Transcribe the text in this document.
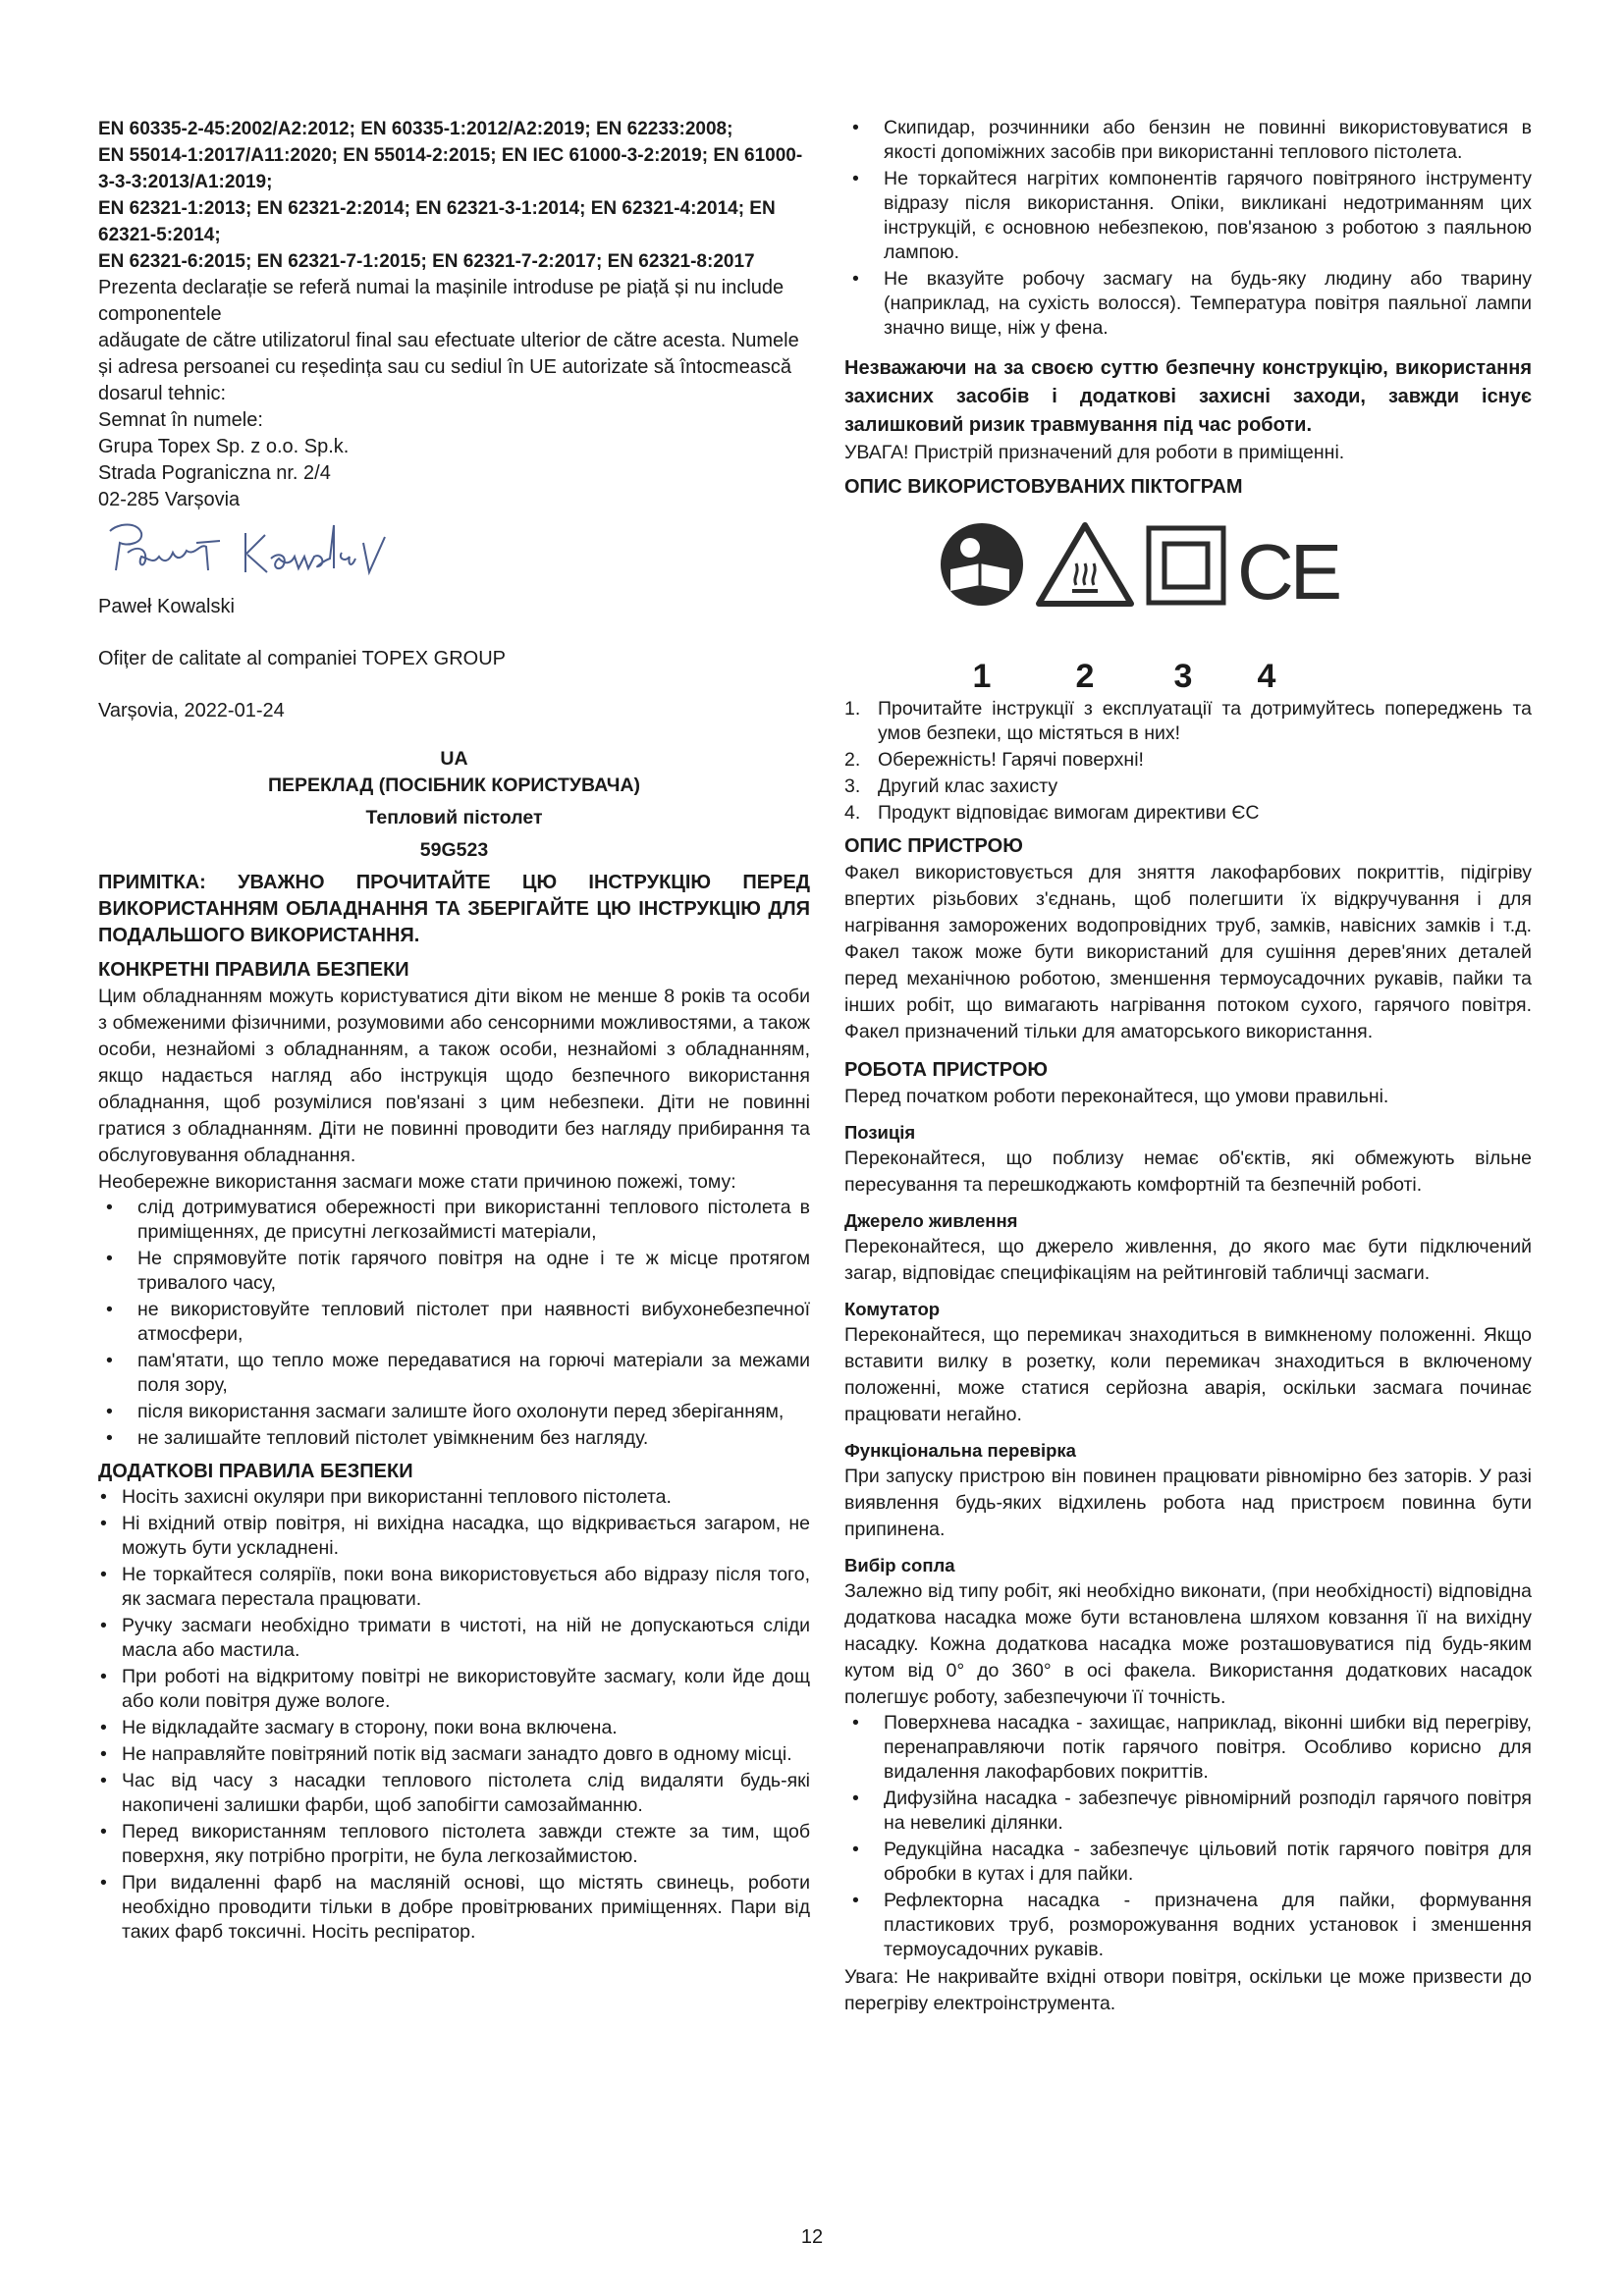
EN 60335-2-45:2002/A2:2012; EN 60335-1:2012/A2:2019; EN 62233:2008;

EN 55014-1:2017/A11:2020; EN 55014-2:2015; EN IEC 61000-3-2:2019; EN 61000-3-3-3:2013/A1:2019;

EN 62321-1:2013; EN 62321-2:2014; EN 62321-3-1:2014; EN 62321-4:2014; EN 62321-5:2014;

EN 62321-6:2015; EN 62321-7-1:2015; EN 62321-7-2:2017; EN 62321-8:2017

Prezenta declarație se referă numai la mașinile introduse pe piață și nu include componentele

adăugate de către utilizatorul final sau efectuate ulterior de către acesta. Numele și adresa persoanei cu reședința sau cu sediul în UE autorizate să întocmească dosarul tehnic:

Semnat în numele:

Grupa Topex Sp. z o.o. Sp.k.

Strada Pograniczna nr. 2/4

02-285 Varșovia

Paweł Kowalski

Ofițer de calitate al companiei TOPEX GROUP

Varșovia, 2022-01-24

UA

ПЕРЕКЛАД (ПОСІБНИК КОРИСТУВАЧА)

Тепловий пістолет

59G523

ПРИМІТКА: УВАЖНО ПРОЧИТАЙТЕ ЦЮ ІНСТРУКЦІЮ ПЕРЕД ВИКОРИСТАННЯМ ОБЛАДНАННЯ ТА ЗБЕРІГАЙТЕ ЦЮ ІНСТРУКЦІЮ ДЛЯ ПОДАЛЬШОГО ВИКОРИСТАННЯ.

КОНКРЕТНІ ПРАВИЛА БЕЗПЕКИ

Цим обладнанням можуть користуватися діти віком не менше 8 років та особи з обмеженими фізичними, розумовими або сенсорними можливостями, а також особи, незнайомі з обладнанням, а також особи, незнайомі з обладнанням, якщо надається нагляд або інструкція щодо безпечного використання обладнання, щоб розумілися пов'язані з цим небезпеки. Діти не повинні гратися з обладнанням. Діти не повинні проводити без нагляду прибирання та обслуговування обладнання.

Необережне використання засмаги може стати причиною пожежі, тому:

• слід дотримуватися обережності при використанні теплового пістолета в приміщеннях, де присутні легкозаймисті матеріали,
• Не спрямовуйте потік гарячого повітря на одне і те ж місце протягом тривалого часу,
• не використовуйте тепловий пістолет при наявності вибухонебезпечної атмосфери,
• пам'ятати, що тепло може передаватися на горючі матеріали за межами поля зору,
• після використання засмаги залиште його охолонути перед зберіганням,
• не залишайте тепловий пістолет увімкненим без нагляду.

ДОДАТКОВІ ПРАВИЛА БЕЗПЕКИ

• Носіть захисні окуляри при використанні теплового пістолета.
• Ні вхідний отвір повітря, ні вихідна насадка, що відкривається загаром, не можуть бути ускладнені.
• Не торкайтеся соляріїв, поки вона використовується або відразу після того, як засмага перестала працювати.
• Ручку засмаги необхідно тримати в чистоті, на ній не допускаються сліди масла або мастила.
• При роботі на відкритому повітрі не використовуйте засмагу, коли йде дощ або коли повітря дуже вологе.
• Не відкладайте засмагу в сторону, поки вона включена.
• Не направляйте повітряний потік від засмаги занадто довго в одному місці.
• Час від часу з насадки теплового пістолета слід видаляти будь-які накопичені залишки фарби, щоб запобігти самозайманню.
• Перед використанням теплового пістолета завжди стежте за тим, щоб поверхня, яку потрібно прогріти, не була легкозаймистою.
• При видаленні фарб на масляній основі, що містять свинець, роботи необхідно проводити тільки в добре провітрюваних приміщеннях. Пари від таких фарб токсичні. Носіть респіратор.
• Скипидар, розчинники або бензин не повинні використовуватися в якості допоміжних засобів при використанні теплового пістолета.
• Не торкайтеся нагрітих компонентів гарячого повітряного інструменту відразу після використання. Опіки, викликані недотриманням цих інструкцій, є основною небезпекою, пов'язаною з роботою з паяльною лампою.
• Не вказуйте робочу засмагу на будь-яку людину або тварину (наприклад, на сухість волосся). Температура повітря паяльної лампи значно вище, ніж у фена.

Незважаючи на за своєю суттю безпечну конструкцію, використання захисних засобів і додаткові захисні заходи, завжди існує залишковий ризик травмування під час роботи.

УВАГА! Пристрій призначений для роботи в приміщенні.

ОПИС ВИКОРИСТОВУВАНИХ ПІКТОГРАМ

CE
1	2 3 4
1. Прочитайте інструкції з експлуатації та дотримуйтесь попереджень та умов безпеки, що містяться в них!
2. Обережність! Гарячі поверхні!
3. Другий клас захисту
4. Продукт відповідає вимогам директиви ЄС

ОПИС ПРИСТРОЮ

Факел використовується для зняття лакофарбових покриттів, підігріву впертих різьбових з'єднань, щоб полегшити їх відкручування і для нагрівання заморожених водопровідних труб, замків, навісних замків і т.д. Факел також може бути використаний для сушіння дерев'яних деталей перед механічною роботою, зменшення термоусадочних рукавів, пайки та інших робіт, що вимагають нагрівання потоком сухого, гарячого повітря. Факел призначений тільки для аматорського використання.

РОБОТА ПРИСТРОЮ

Перед початком роботи переконайтеся, що умови правильні.

Позиція

Переконайтеся, що поблизу немає об'єктів, які обмежують вільне пересування та перешкоджають комфортній та безпечній роботі.

Джерело живлення

Переконайтеся, що джерело живлення, до якого має бути підключений загар, відповідає специфікаціям на рейтинговій табличці засмаги.

Комутатор

Переконайтеся, що перемикач знаходиться в вимкненому положенні. Якщо вставити вилку в розетку, коли перемикач знаходиться в включеному положенні, може статися серйозна аварія, оскільки засмага починає працювати негайно.

Функціональна перевірка

При запуску пристрою він повинен працювати рівномірно без заторів. У разі виявлення будь-яких відхилень робота над пристроєм повинна бути припинена.

Вибір сопла

Залежно від типу робіт, які необхідно виконати, (при необхідності) відповідна додаткова насадка може бути встановлена шляхом ковзання її на вихідну насадку. Кожна додаткова насадка може розташовуватися під будь-яким кутом від 0° до 360° в осі факела. Використання додаткових насадок полегшує роботу, забезпечуючи її точність.

• Поверхнева насадка - захищає, наприклад, віконні шибки від перегріву, перенаправляючи потік гарячого повітря. Особливо корисно для видалення лакофарбових покриттів.
• Дифузійна насадка - забезпечує рівномірний розподіл гарячого повітря на невеликі ділянки.
• Редукційна насадка - забезпечує цільовий потік гарячого повітря для обробки в кутах і для пайки.
• Рефлекторна насадка - призначена для пайки, формування пластикових труб, розморожування водних установок і зменшення термоусадочних рукавів.

Увага: Не накривайте вхідні отвори повітря, оскільки це може призвести до перегріву електроінструмента.

12
